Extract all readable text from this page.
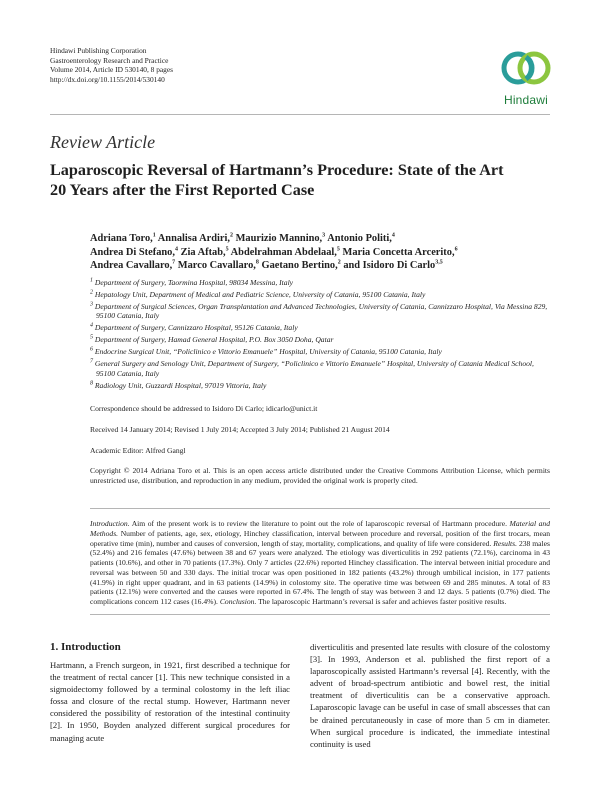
Hindawi Publishing Corporation
Gastroenterology Research and Practice
Volume 2014, Article ID 530140, 8 pages
http://dx.doi.org/10.1155/2014/530140
Hindawi
Review Article
Laparoscopic Reversal of Hartmann’s Procedure: State of the Art
20 Years after the First Reported Case
Adriana Toro,$^1$ Annalisa Ardiri,$^2$ Maurizio Mannino,$^3$ Antonio Politi,$^4$
Andrea Di Stefano,$^4$ Zia Aftab,$^5$ Abdelrahman Abdelaal,$^5$ Maria Concetta Arcerito,$^6$
Andrea Cavallaro,$^7$ Marco Cavallaro,$^8$ Gaetano Bertino,$^2$ and Isidoro Di Carlo$^{3,5}$
$^1$ Department of Surgery, Taormina Hospital, 98034 Messina, Italy
$^2$ Hepatology Unit, Department of Medical and Pediatric Science, University of Catania, 95100 Catania, Italy
$^3$ Department of Surgical Sciences, Organ Transplantation and Advanced Technologies, University of Catania, Cannizzaro Hospital, Via Messina 829, 95100 Catania, Italy
$^4$ Department of Surgery, Cannizzaro Hospital, 95126 Catania, Italy
$^5$ Department of Surgery, Hamad General Hospital, P.O. Box 3050 Doha, Qatar
$^6$ Endocrine Surgical Unit, “Policlinico e Vittorio Emanuele” Hospital, University of Catania, 95100 Catania, Italy
$^7$ General Surgery and Senology Unit, Department of Surgery, “Policlinico e Vittorio Emanuele” Hospital, University of Catania Medical School, 95100 Catania, Italy
$^8$ Radiology Unit, Guzzardi Hospital, 97019 Vittoria, Italy
Correspondence should be addressed to Isidoro Di Carlo; idicarlo@unict.it
Received 14 January 2014; Revised 1 July 2014; Accepted 3 July 2014; Published 21 August 2014
Academic Editor: Alfred Gangl
Copyright © 2014 Adriana Toro et al. This is an open access article distributed under the Creative Commons Attribution License, which permits unrestricted use, distribution, and reproduction in any medium, provided the original work is properly cited.
Introduction. Aim of the present work is to review the literature to point out the role of laparoscopic reversal of Hartmann procedure. Material and Methods. Number of patients, age, sex, etiology, Hinchey classification, interval between procedure and reversal, position of the first trocars, mean operative time (min), number and causes of conversion, length of stay, mortality, complications, and quality of life were considered. Results. 238 males (52.4%) and 216 females (47.6%) between 38 and 67 years were analyzed. The etiology was diverticulitis in 292 patients (72.1%), carcinoma in 43 patients (10.6%), and other in 70 patients (17.3%). Only 7 articles (22.6%) reported Hinchey classification. The interval between initial procedure and reversal was between 50 and 330 days. The initial trocar was open positioned in 182 patients (43.2%) through umbilical incision, in 177 patients (41.9%) in right upper quadrant, and in 63 patients (14.9%) in colostomy site. The operative time was between 69 and 285 minutes. A total of 83 patients (12.1%) were converted and the causes were reported in 67.4%. The length of stay was between 3 and 12 days. 5 patients (0.7%) died. The complications concern 112 cases (16.4%). Conclusion. The laparoscopic Hartmann’s reversal is safer and achieves faster positive results.
1. Introduction
Hartmann, a French surgeon, in 1921, first described a technique for the treatment of rectal cancer [1]. This new technique consisted in a sigmoidectomy followed by a terminal colostomy in the left iliac fossa and closure of the rectal stump. However, Hartmann never considered the possibility of restoration of the intestinal continuity [2]. In 1950, Boyden analyzed different surgical procedures for managing acute
diverticulitis and presented late results with closure of the colostomy [3]. In 1993, Anderson et al. published the first report of a laparoscopically assisted Hartmann’s reversal [4]. Recently, with the advent of broad-spectrum antibiotic and bowel rest, the initial treatment of diverticulitis can be a conservative approach. Laparoscopic lavage can be useful in case of small abscesses that can be drained percutaneously in case of more than 5 cm in diameter. When surgical procedure is indicated, the immediate intestinal continuity is used
